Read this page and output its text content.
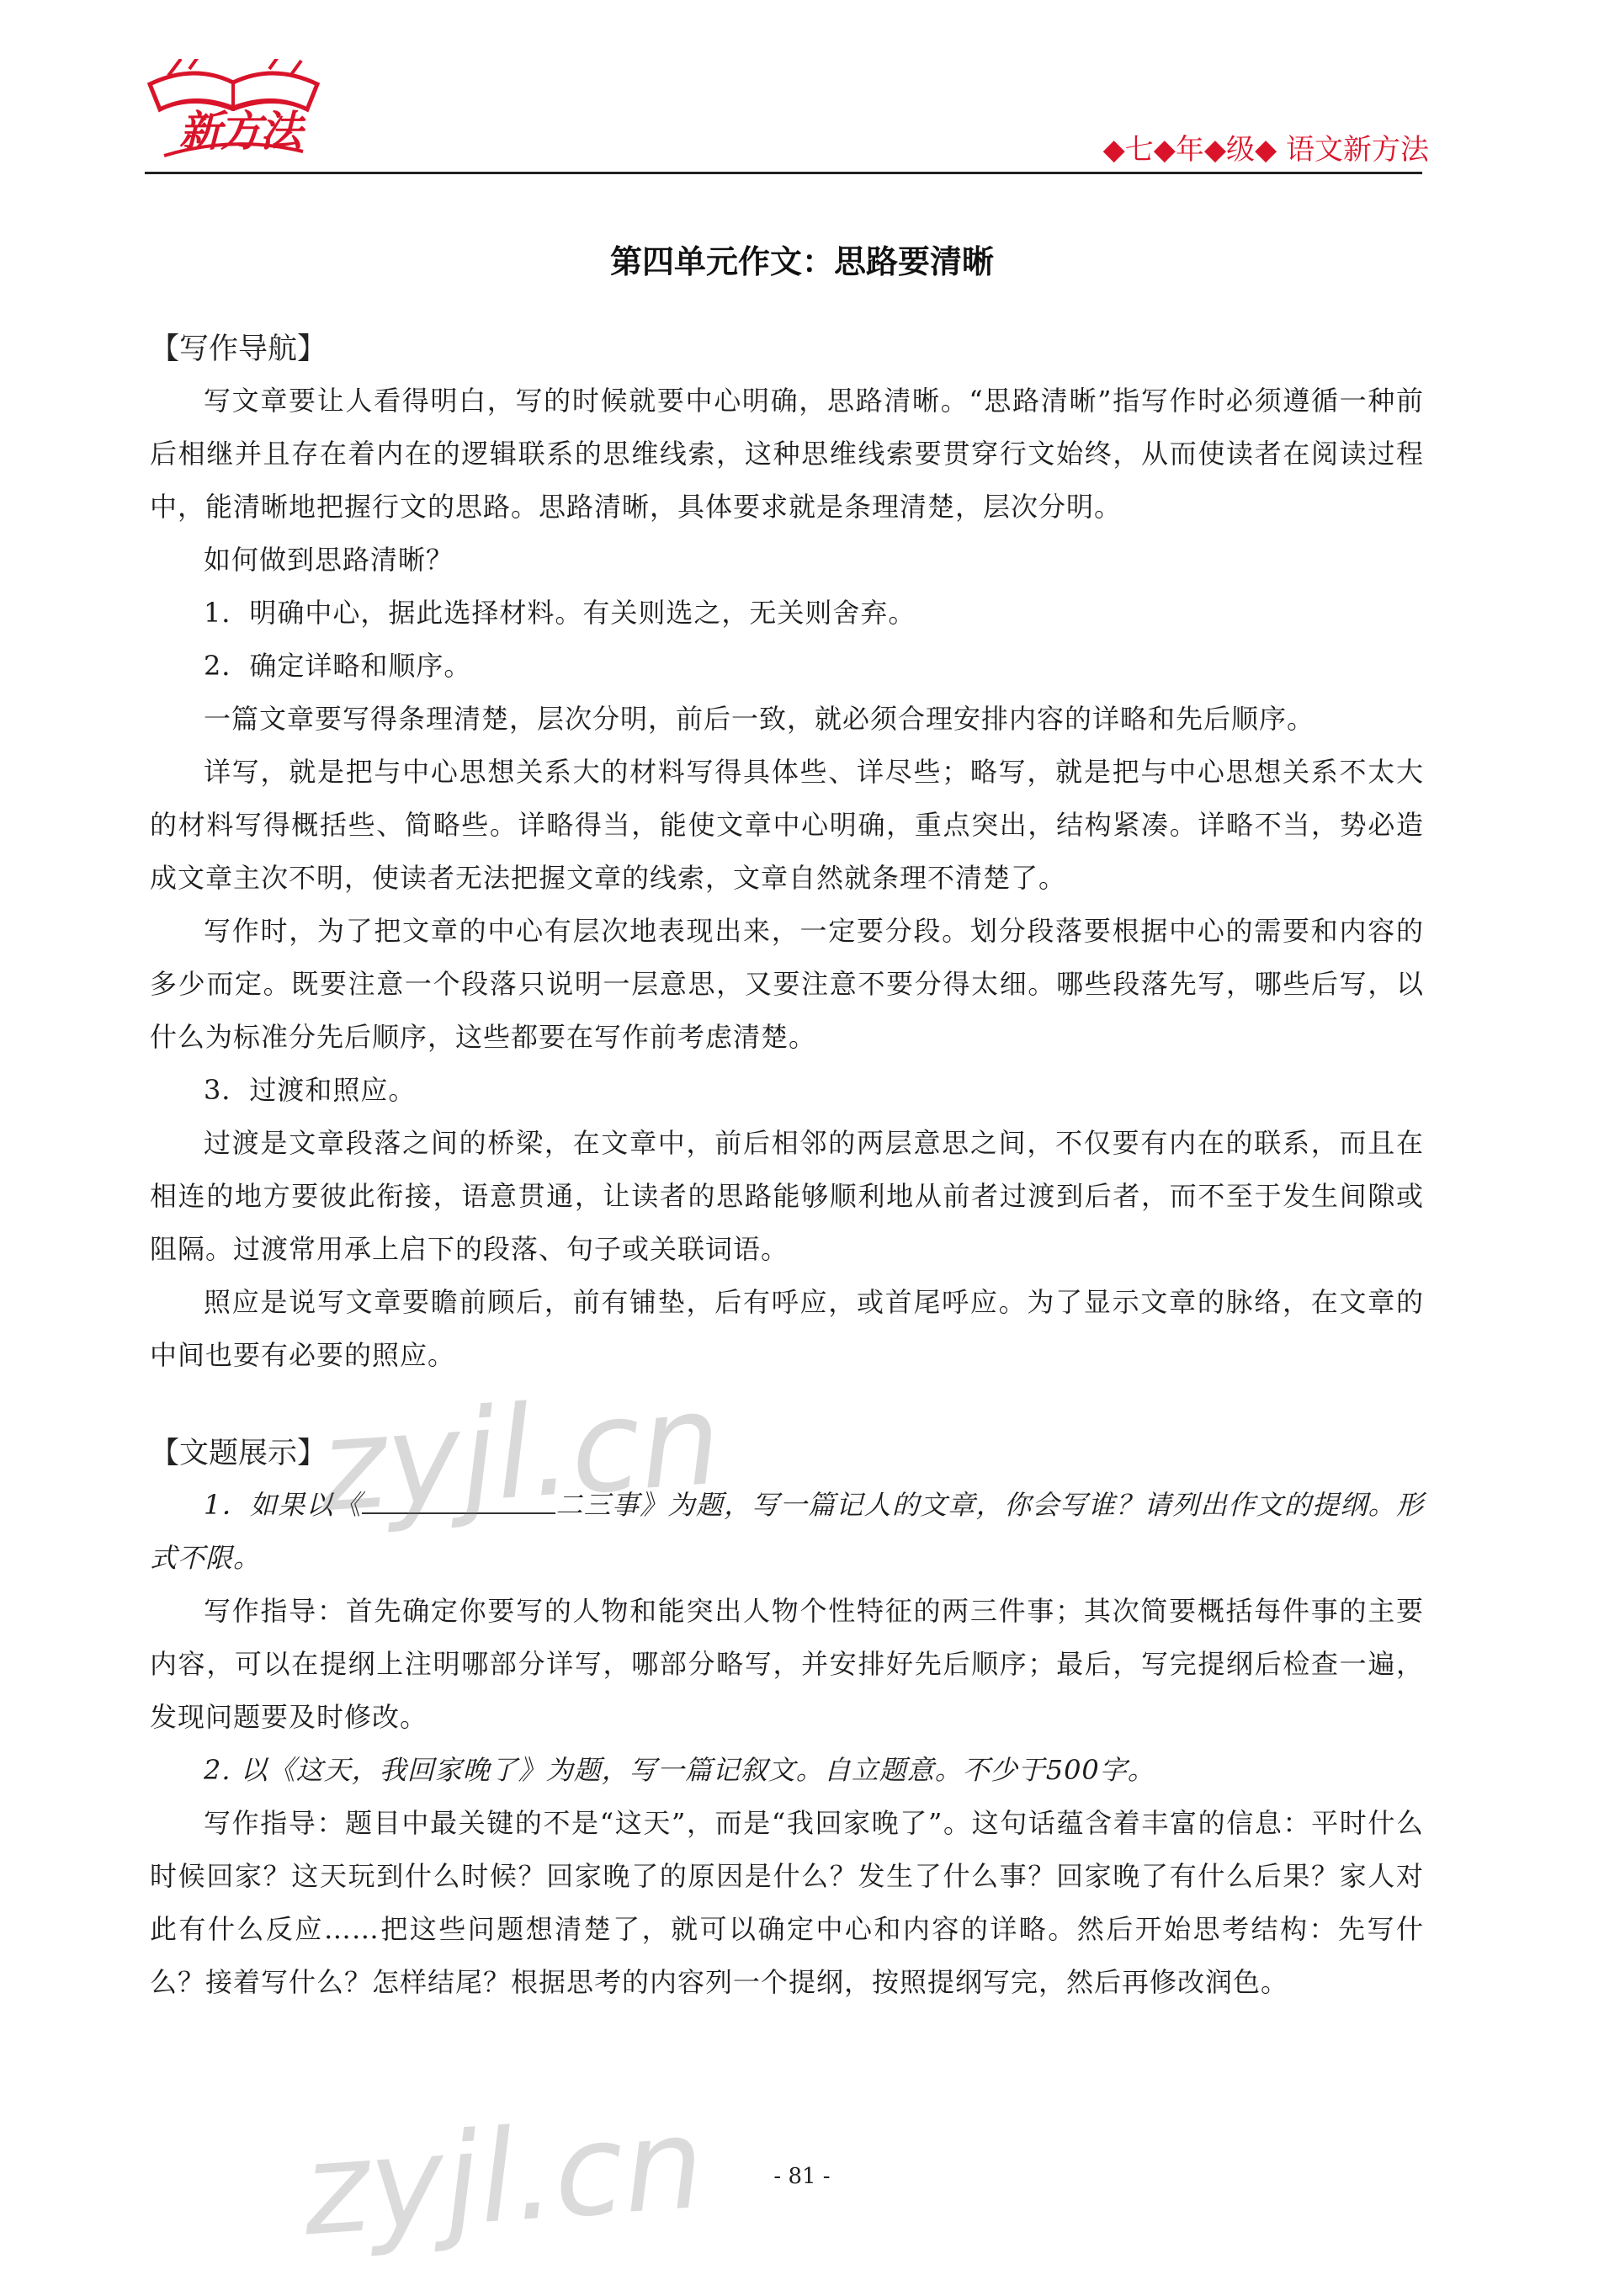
新方法	◆七◆年◆级◆ 语文新方法
第四单元作文：思路要清晰
【写作导航】

写文章要让人看得明白，写的时候就要中心明确，思路清晰。“思路清晰”指写作时必须遵循一种前后相继并且存在着内在的逻辑联系的思维线索，这种思维线索要贯穿行文始终，从而使读者在阅读过程中，能清晰地把握行文的思路。思路清晰，具体要求就是条理清楚，层次分明。

如何做到思路清晰？

1．明确中心，据此选择材料。有关则选之，无关则舍弃。

2．确定详略和顺序。

一篇文章要写得条理清楚，层次分明，前后一致，就必须合理安排内容的详略和先后顺序。

详写，就是把与中心思想关系大的材料写得具体些、详尽些；略写，就是把与中心思想关系不太大的材料写得概括些、简略些。详略得当，能使文章中心明确，重点突出，结构紧凑。详略不当，势必造成文章主次不明，使读者无法把握文章的线索，文章自然就条理不清楚了。

写作时，为了把文章的中心有层次地表现出来，一定要分段。划分段落要根据中心的需要和内容的多少而定。既要注意一个段落只说明一层意思，又要注意不要分得太细。哪些段落先写，哪些后写，以什么为标准分先后顺序，这些都要在写作前考虑清楚。

3．过渡和照应。

过渡是文章段落之间的桥梁，在文章中，前后相邻的两层意思之间，不仅要有内在的联系，而且在相连的地方要彼此衔接，语意贯通，让读者的思路能够顺利地从前者过渡到后者，而不至于发生间隙或阻隔。过渡常用承上启下的段落、句子或关联词语。

照应是说写文章要瞻前顾后，前有铺垫，后有呼应，或首尾呼应。为了显示文章的脉络，在文章的中间也要有必要的照应。

【文题展示】

1．如果以《	二三事》为题，写一篇记人的文章，你会写谁？请列出作文的提纲。形式不限。

写作指导：首先确定你要写的人物和能突出人物个性特征的两三件事；其次简要概括每件事的主要内容，可以在提纲上注明哪部分详写，哪部分略写，并安排好先后顺序；最后，写完提纲后检查一遍，发现问题要及时修改。

2. 以《这天，我回家晚了》为题，写一篇记叙文。自立题意。不少于500字。

写作指导：题目中最关键的不是“这天”，而是“我回家晚了”。这句话蕴含着丰富的信息：平时什么时候回家？这天玩到什么时候？回家晚了的原因是什么？发生了什么事？回家晚了有什么后果？家人对此有什么反应……把这些问题想清楚了，就可以确定中心和内容的详略。然后开始思考结构：先写什么？接着写什么？怎样结尾？根据思考的内容列一个提纲，按照提纲写完，然后再修改润色。

zyjl.cn
zyjl.cn	- 81 -
